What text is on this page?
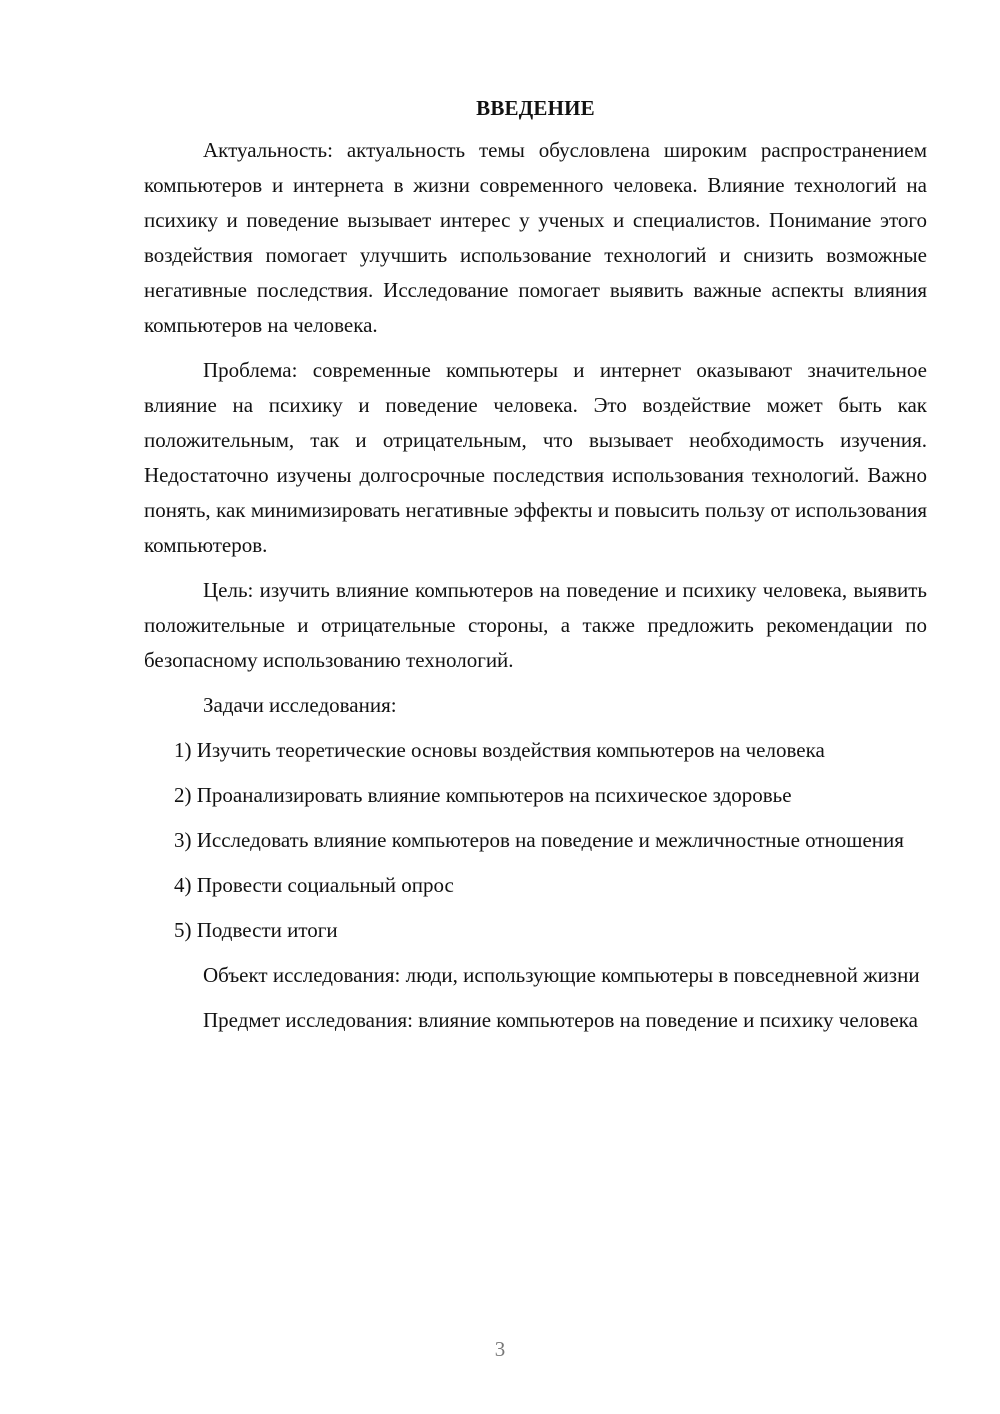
ВВЕДЕНИЕ

Актуальность: актуальность темы обусловлена широким распространением компьютеров и интернета в жизни современного человека. Влияние технологий на психику и поведение вызывает интерес у ученых и специалистов. Понимание этого воздействия помогает улучшить использование технологий и снизить возможные негативные последствия. Исследование помогает выявить важные аспекты влияния компьютеров на человека.

Проблема: современные компьютеры и интернет оказывают значительное влияние на психику и поведение человека. Это воздействие может быть как положительным, так и отрицательным, что вызывает необходимость изучения. Недостаточно изучены долгосрочные последствия использования технологий. Важно понять, как минимизировать негативные эффекты и повысить пользу от использования компьютеров.

Цель: изучить влияние компьютеров на поведение и психику человека, выявить положительные и отрицательные стороны, а также предложить рекомендации по безопасному использованию технологий.

Задачи исследования:

1) Изучить теоретические основы воздействия компьютеров на человека

2) Проанализировать влияние компьютеров на психическое здоровье

3) Исследовать влияние компьютеров на поведение и межличностные отношения

4) Провести социальный опрос

5) Подвести итоги

Объект исследования: люди, использующие компьютеры в повседневной жизни

Предмет исследования: влияние компьютеров на поведение и психику человека

3
